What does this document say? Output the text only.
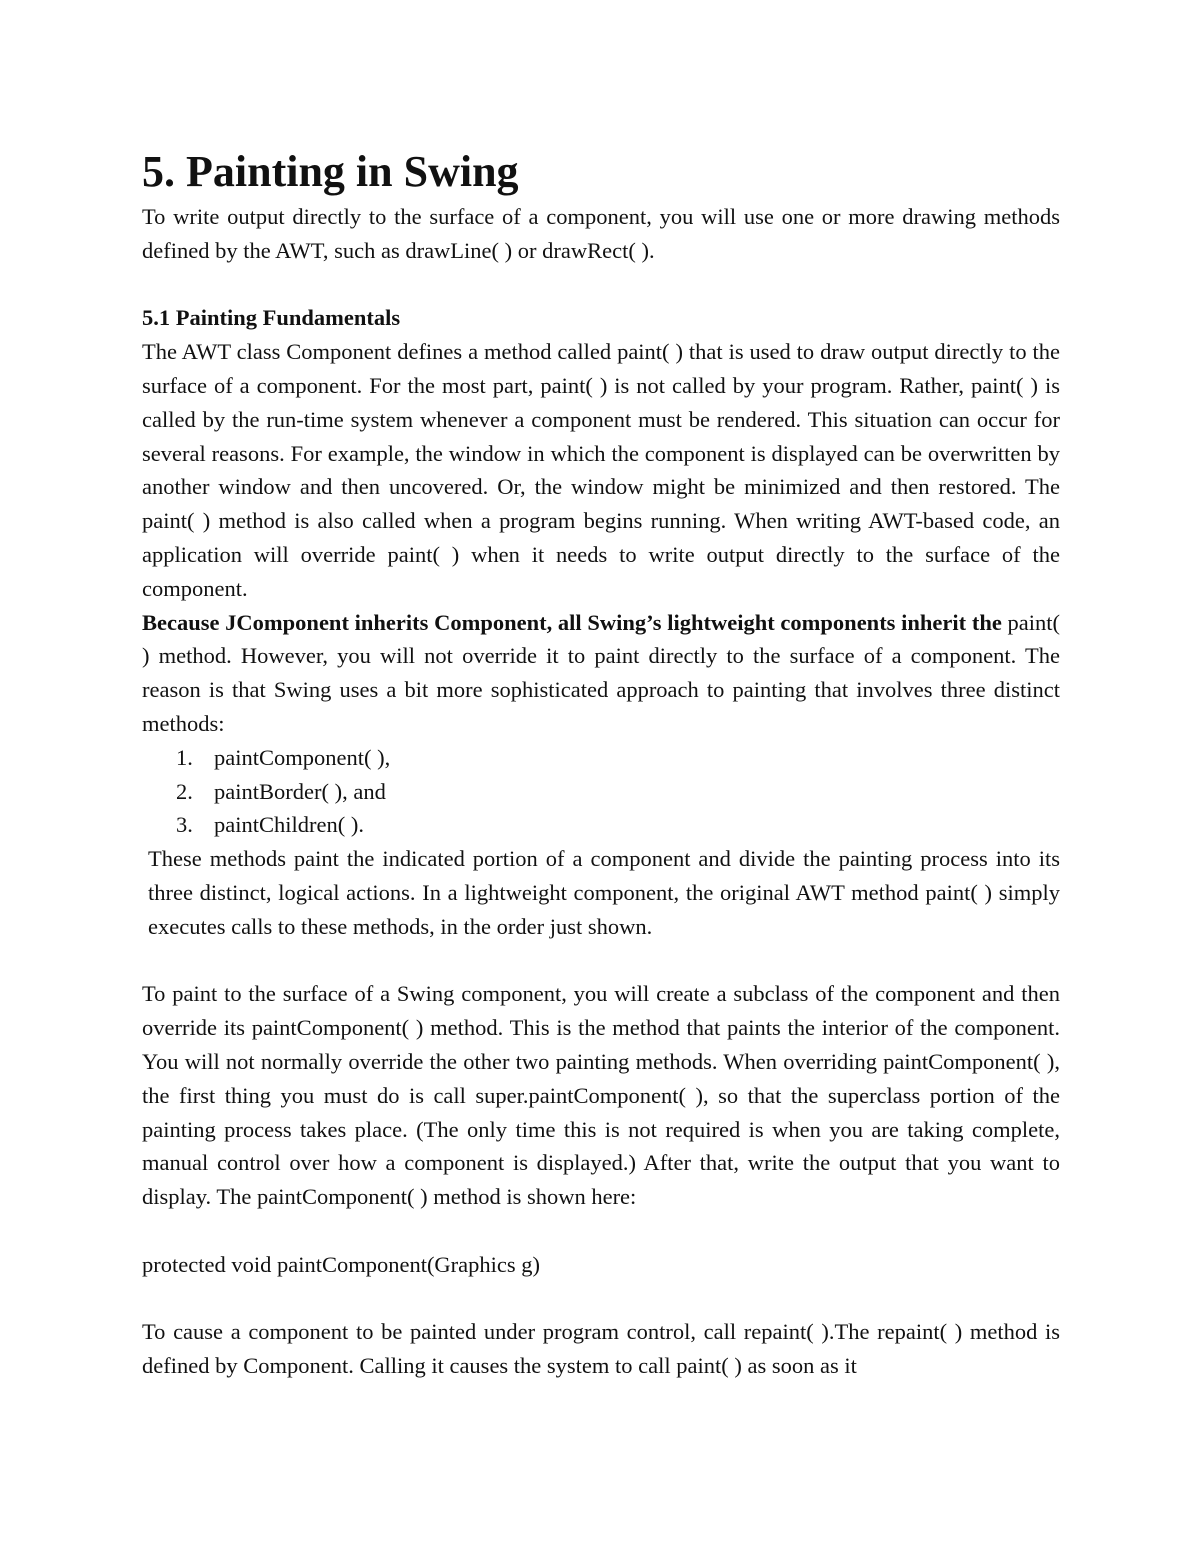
5. Painting in Swing

To write output directly to the surface of a component, you will use one or more drawing methods defined by the AWT, such as drawLine( ) or drawRect( ).

5.1 Painting Fundamentals

The AWT class Component defines a method called paint( ) that is used to draw output directly to the surface of a component. For the most part, paint( ) is not called by your program. Rather, paint( ) is called by the run-time system whenever a component must be rendered. This situation can occur for several reasons. For example, the window in which the component is displayed can be overwritten by another window and then uncovered. Or, the window might be minimized and then restored. The paint( ) method is also called when a program begins running. When writing AWT-based code, an application will override paint( ) when it needs to write output directly to the surface of the component.

Because JComponent inherits Component, all Swing’s lightweight components inherit the paint( ) method. However, you will not override it to paint directly to the surface of a component. The reason is that Swing uses a bit more sophisticated approach to painting that involves three distinct methods:

1. paintComponent( ),
2. paintBorder( ), and
3. paintChildren( ).

These methods paint the indicated portion of a component and divide the painting process into its three distinct, logical actions. In a lightweight component, the original AWT method paint( ) simply executes calls to these methods, in the order just shown.

To paint to the surface of a Swing component, you will create a subclass of the component and then override its paintComponent( ) method. This is the method that paints the interior of the component. You will not normally override the other two painting methods. When overriding paintComponent( ), the first thing you must do is call super.paintComponent( ), so that the superclass portion of the painting process takes place. (The only time this is not required is when you are taking complete, manual control over how a component is displayed.) After that, write the output that you want to display. The paintComponent( ) method is shown here:

protected void paintComponent(Graphics g)

To cause a component to be painted under program control, call repaint( ).The repaint( ) method is defined by Component. Calling it causes the system to call paint( ) as soon as it
